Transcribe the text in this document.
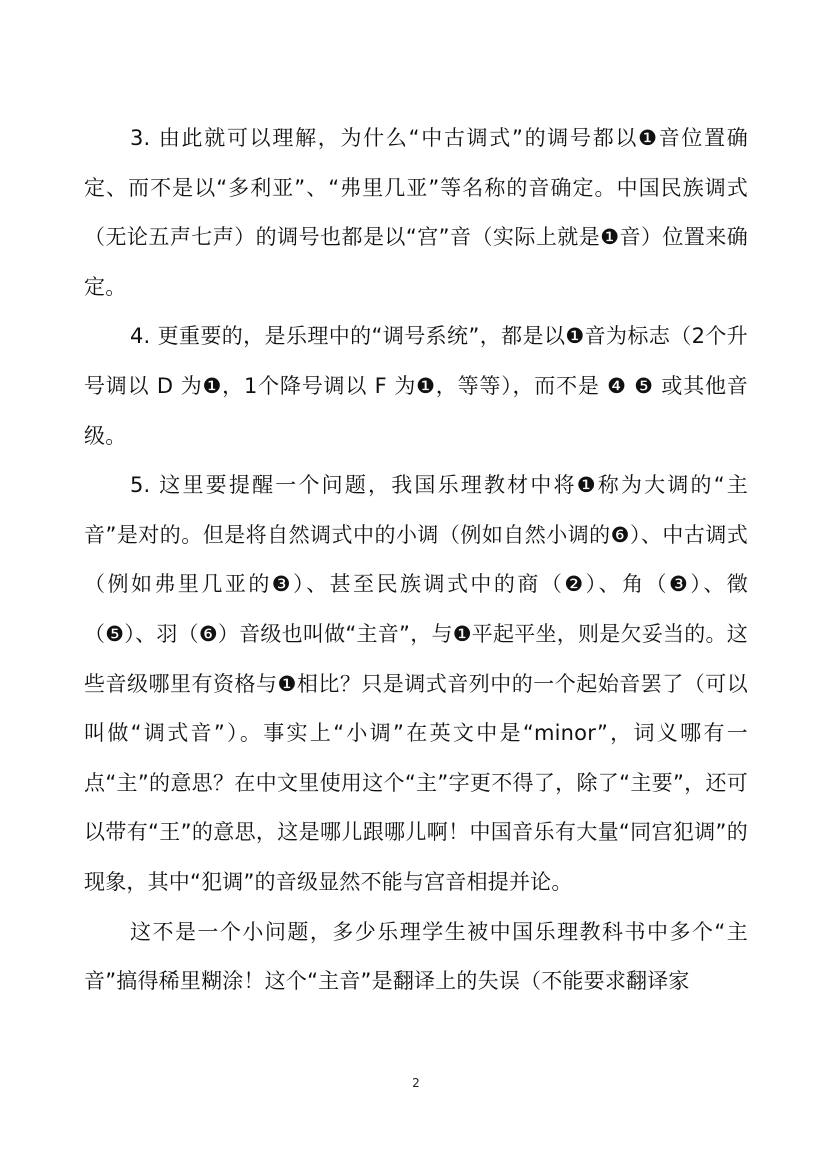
3. 由此就可以理解，为什么“中古调式”的调号都以❶音位置确定、而不是以“多利亚”、“弗里几亚”等名称的音确定。中国民族调式（无论五声七声）的调号也都是以“宫”音（实际上就是❶音）位置来确定。

4. 更重要的，是乐理中的“调号系统”，都是以❶音为标志（2个升号调以 D 为❶，1个降号调以 F 为❶，等等），而不是 ❹ ❺ 或其他音级。

5. 这里要提醒一个问题，我国乐理教材中将❶称为大调的“主音”是对的。但是将自然调式中的小调（例如自然小调的❻）、中古调式（例如弗里几亚的❸）、甚至民族调式中的商（❷）、角（❸）、徵（❺）、羽（❻）音级也叫做“主音”，与❶平起平坐，则是欠妥当的。这些音级哪里有资格与❶相比？只是调式音列中的一个起始音罢了（可以叫做“调式音”）。事实上“小调”在英文中是“minor”，词义哪有一点“主”的意思？在中文里使用这个“主”字更不得了，除了“主要”，还可以带有“王”的意思，这是哪儿跟哪儿啊！中国音乐有大量“同宫犯调”的现象，其中“犯调”的音级显然不能与宫音相提并论。

这不是一个小问题，多少乐理学生被中国乐理教科书中多个“主音”搞得稀里糊涂！这个“主音”是翻译上的失误（不能要求翻译家

2
